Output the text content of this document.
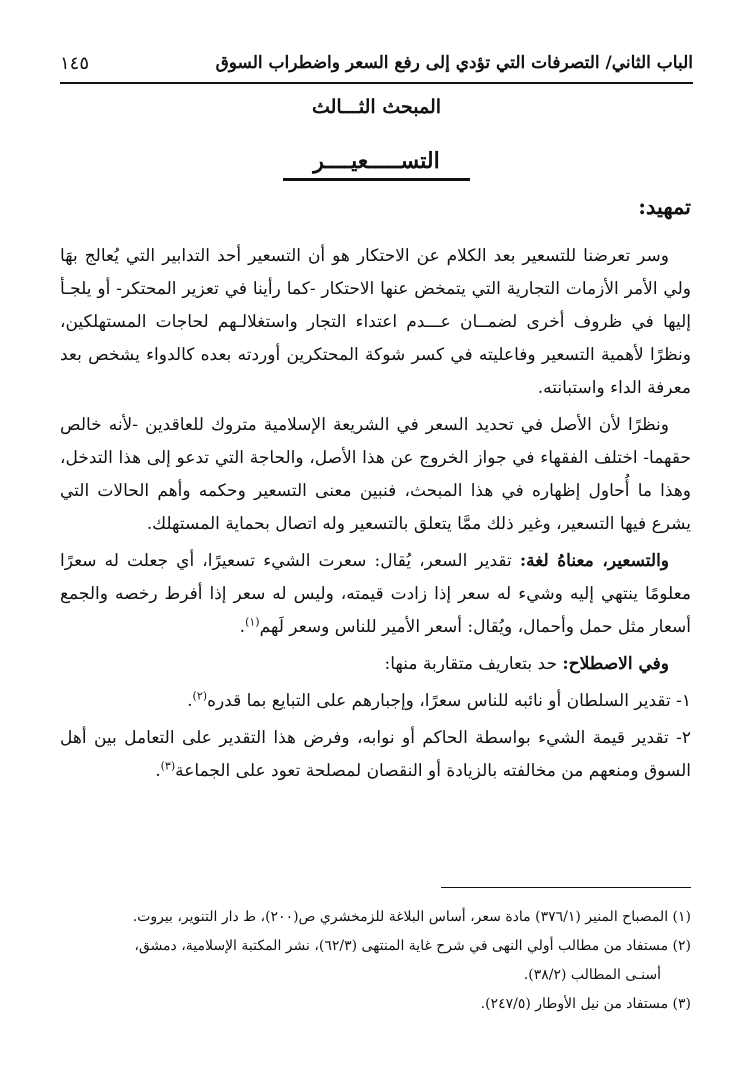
الباب الثاني/ التصرفات التي تؤدي إلى رفع السعر واضطراب السوق
١٤٥
المبحث الثـــالث
التســـــعيــــر
تمهيد:

وسر تعرضنا للتسعير بعد الكلام عن الاحتكار هو أن التسعير أحد التدابير التي يُعالج بهَا ولي الأمر الأزمات التجارية التي يتمخض عنها الاحتكار -كما رأينا في تعزير المحتكر- أو يلجـأ إليها في ظروف أخرى لضمــان عـــدم اعتداء التجار واستغلالـهم لحاجات المستهلكين، ونظرًا لأهمية التسعير وفاعليته في كسر شوكة المحتكرين أوردته بعده كالدواء يشخص بعد معرفة الداء واستبانته.

ونظرًا لأن الأصل في تحديد السعر في الشريعة الإسلامية متروك للعاقدين -لأنه خالص حقهما- اختلف الفقهاء في جواز الخروج عن هذا الأصل، والحاجة التي تدعو إلى هذا التدخل، وهذا ما أُحاول إظهاره في هذا المبحث، فنبين معنى التسعير وحكمه وأهم الحالات التي يشرع فيها التسعير، وغير ذلك ممَّا يتعلق بالتسعير وله اتصال بحماية المستهلك.

والتسعير، معناهُ لغة: تقدير السعر، يُقال: سعرت الشيء تسعيرًا، أي جعلت له سعرًا معلومًا ينتهي إليه وشيء له سعر إذا زادت قيمته، وليس له سعر إذا أفرط رخصه والجمع أسعار مثل حمل وأحمال، ويُقال: أسعر الأمير للناس وسعر لَهم$^{(١)}$.

وفي الاصطلاح: حد بتعاريف متقاربة منها:

١- تقدير السلطان أو نائبه للناس سعرًا، وإجبارهم على التبايع بما قدره$^{(٢)}$.

٢- تقدير قيمة الشيء بواسطة الحاكم أو نوابه، وفرض هذا التقدير على التعامل بين أهل السوق ومنعهم من مخالفته بالزيادة أو النقصان لمصلحة تعود على الجماعة$^{(٣)}$.

(١) المصباح المنير (٣٧٦/١) مادة سعر، أساس البلاغة للزمخشري ص(٢٠٠)، ط دار التنوير، بيروت.

(٢) مستفاد من مطالب أولي النهى في شرح غاية المنتهى (٦٢/٣)، نشر المكتبة الإسلامية، دمشق،

أسنـى المطالب (٣٨/٢).

(٣) مستفاد من نيل الأوطار (٢٤٧/٥).
